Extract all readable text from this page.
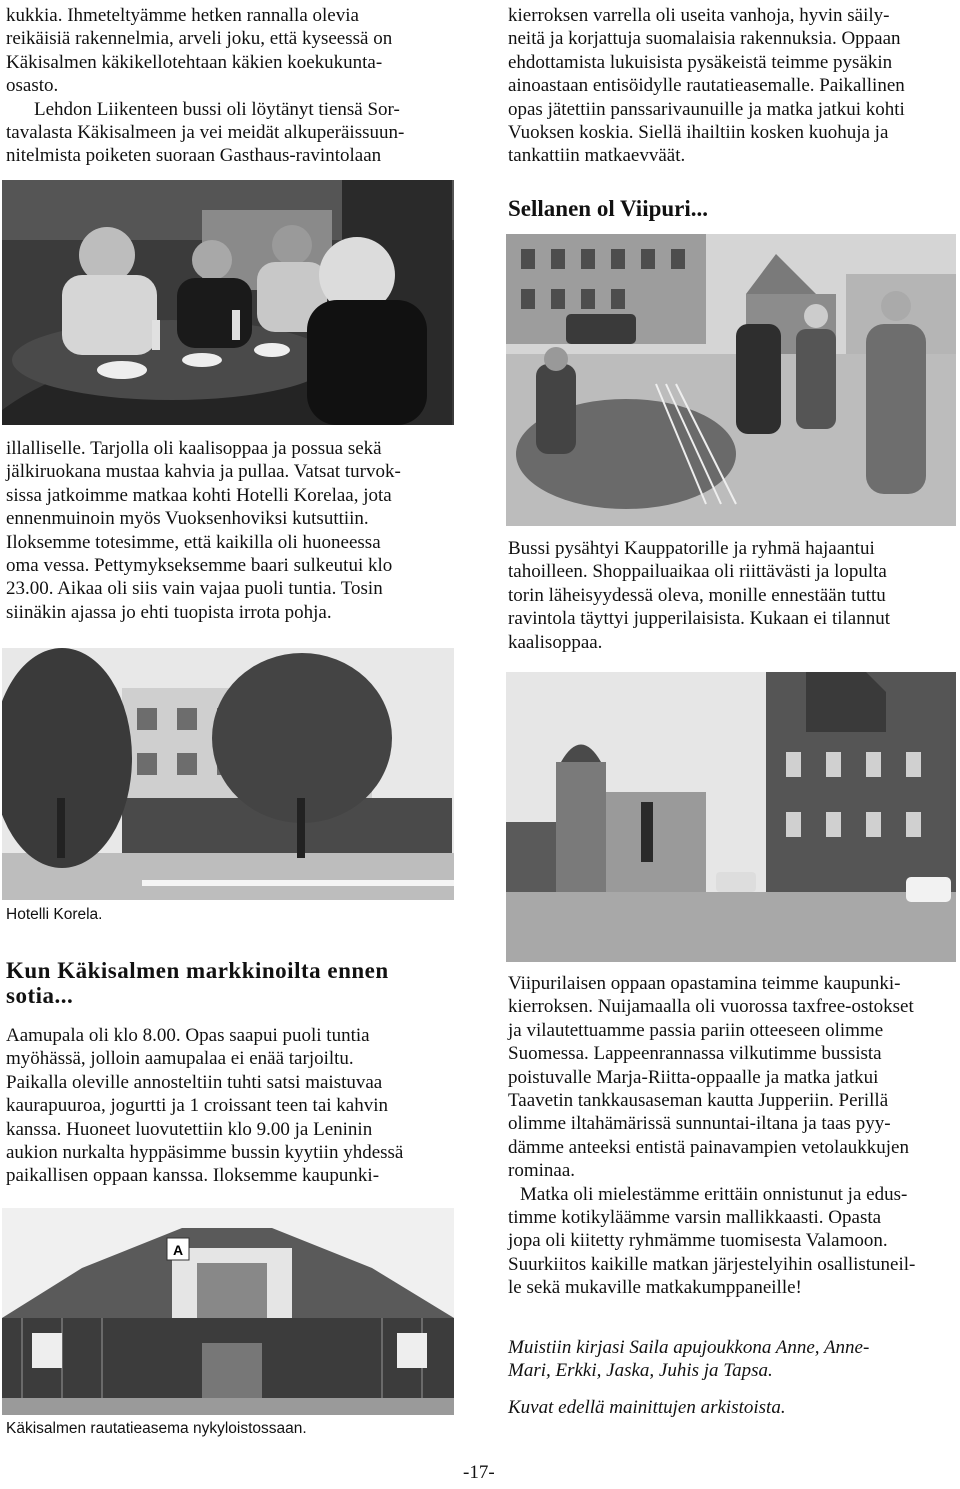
kukkia. Ihmeteltyämme hetken rannalla olevia
reikäisiä rakennelmia, arveli joku, että kyseessä on
Käkisalmen käkikellotehtaan käkien koekukunta-
osasto.
Lehdon Liikenteen bussi oli löytänyt tiensä Sor-
tavalasta Käkisalmeen ja vei meidät alkuperäissuun-
nitelmista poiketen suoraan Gasthaus-ravintolaan
illalliselle. Tarjolla oli kaalisoppaa ja possua sekä
jälkiruokana mustaa kahvia ja pullaa. Vatsat turvok-
sissa jatkoimme matkaa kohti Hotelli Korelaa, jota
ennenmuinoin myös Vuoksenhoviksi kutsuttiin.
Iloksemme totesimme, että kaikilla oli huoneessa
oma vessa. Pettymykseksemme baari sulkeutui klo
23.00. Aikaa oli siis vain vajaa puoli tuntia. Tosin
siinäkin ajassa jo ehti tuopista irrota pohja.
Hotelli Korela.
Kun Käkisalmen markkinoilta ennen sotia...
Aamupala oli klo 8.00. Opas saapui puoli tuntia
myöhässä, jolloin aamupalaa ei enää tarjoiltu.
Paikalla oleville annosteltiin tuhti satsi maistuvaa
kaurapuuroa, jogurtti ja 1 croissant teen tai kahvin
kanssa. Huoneet luovutettiin klo 9.00 ja Leninin
aukion nurkalta hyppäsimme bussin kyytiin yhdessä
paikallisen oppaan kanssa. Iloksemme kaupunki-
A
Käkisalmen rautatieasema nykyloistossaan.
kierroksen varrella oli useita vanhoja, hyvin säily-
neitä ja korjattuja suomalaisia rakennuksia. Oppaan
ehdottamista lukuisista pysäkeistä teimme pysäkin
ainoastaan entisöidylle rautatieasemalle. Paikallinen
opas jätettiin panssarivaunuille ja matka jatkui kohti
Vuoksen koskia. Siellä ihailtiin kosken kuohuja ja
tankattiin matkaevväät.
Sellanen ol Viipuri...
Bussi pysähtyi Kauppatorille ja ryhmä hajaantui
tahoilleen. Shoppailuaikaa oli riittävästi ja lopulta
torin läheisyydessä oleva, monille ennestään tuttu
ravintola täyttyi jupperilaisista. Kukaan ei tilannut
kaalisoppaa.
Viipurilaisen oppaan opastamina teimme kaupunki-
kierroksen. Nuijamaalla oli vuorossa taxfree-ostokset
ja vilautettuamme passia pariin otteeseen olimme
Suomessa. Lappeenrannassa vilkutimme bussista
poistuvalle Marja-Riitta-oppaalle ja matka jatkui
Taavetin tankkausaseman kautta Jupperiin. Perillä
olimme iltahämärissä sunnuntai-iltana ja taas pyy-
dämme anteeksi entistä painavampien vetolaukkujen
rominaa.
Matka oli mielestämme erittäin onnistunut ja edus-
timme kotikyläämme varsin mallikkaasti. Opasta
jopa oli kiitetty ryhmämme tuomisesta Valamoon.
Suurkiitos kaikille matkan järjestelyihin osallistuneil-
le sekä mukaville matkakumppaneille!
Muistiin kirjasi Saila apujoukkona Anne, Anne-
Mari, Erkki, Jaska, Juhis ja Tapsa.
Kuvat edellä mainittujen arkistoista.
-17-
